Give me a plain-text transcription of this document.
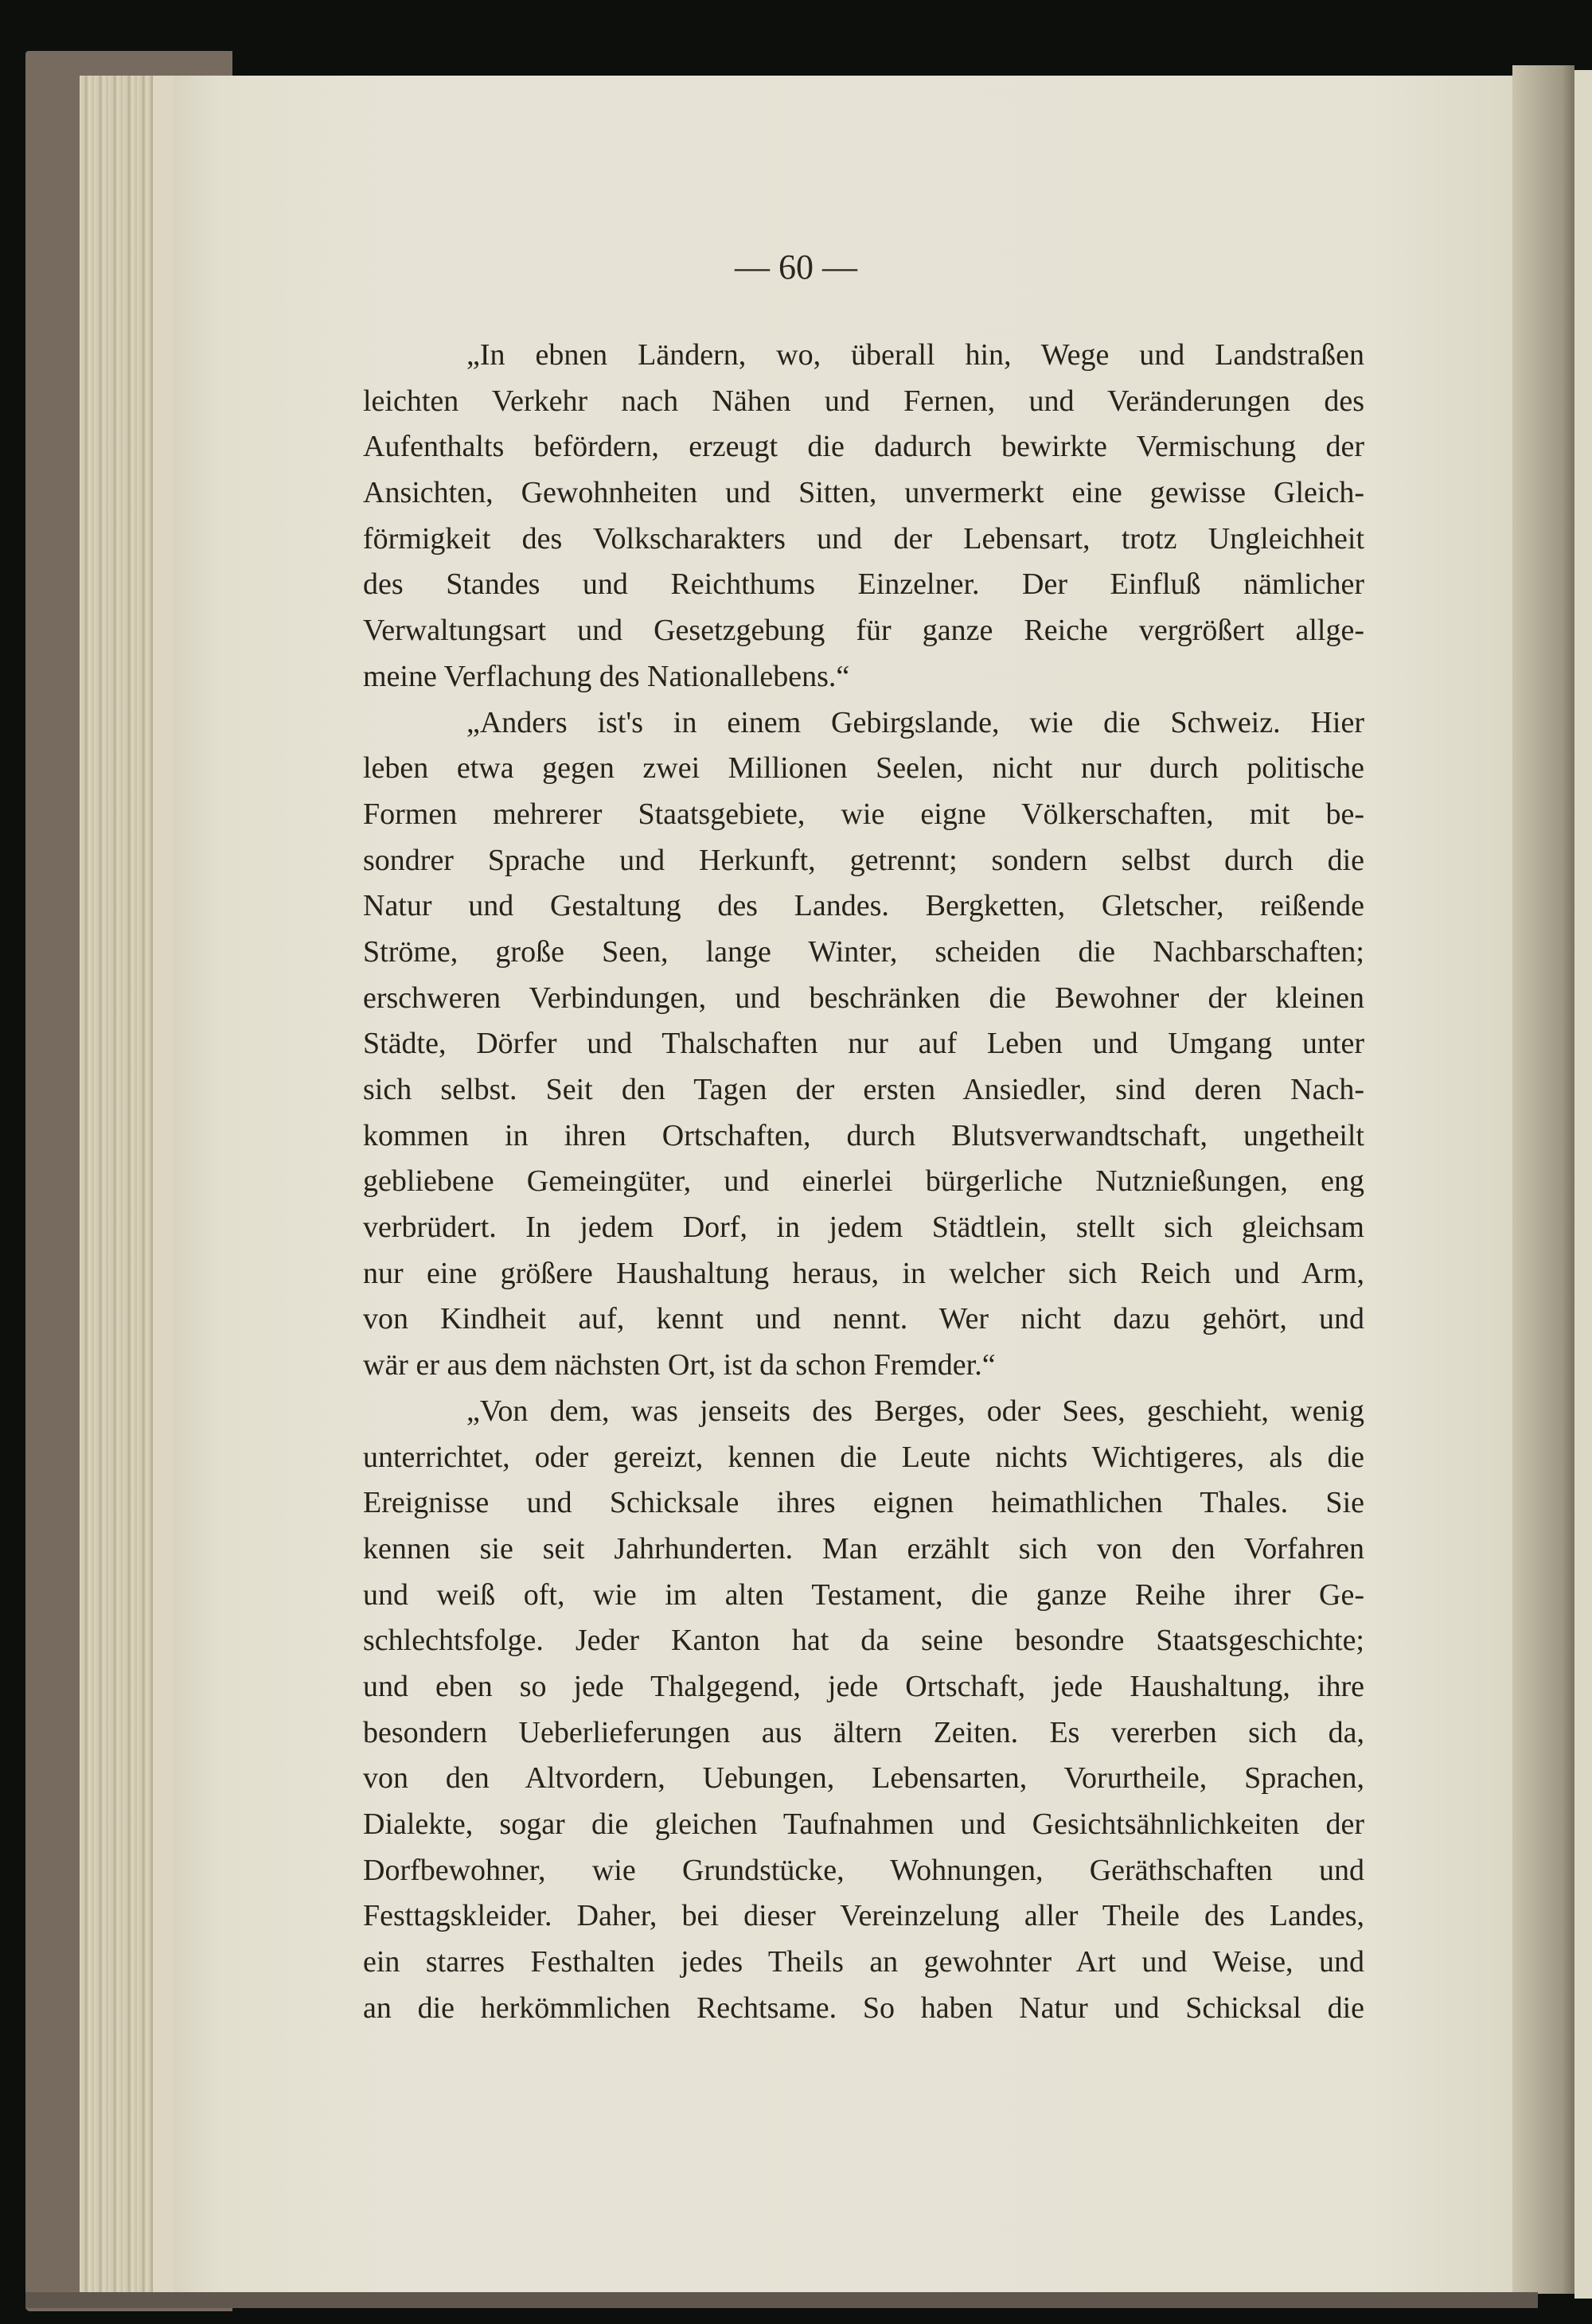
— 60 —
„In ebnen Ländern, wo, überall hin, Wege und Landstraßen
leichten Verkehr nach Nähen und Fernen, und Veränderungen des
Aufenthalts befördern, erzeugt die dadurch bewirkte Vermischung der
Ansichten, Gewohnheiten und Sitten, unvermerkt eine gewisse Gleich-
förmigkeit des Volkscharakters und der Lebensart, trotz Ungleichheit
des Standes und Reichthums Einzelner. Der Einfluß nämlicher
Verwaltungsart und Gesetzgebung für ganze Reiche vergrößert allge-
meine Verflachung des Nationallebens.“
„Anders ist's in einem Gebirgslande, wie die Schweiz. Hier
leben etwa gegen zwei Millionen Seelen, nicht nur durch politische
Formen mehrerer Staatsgebiete, wie eigne Völkerschaften, mit be-
sondrer Sprache und Herkunft, getrennt; sondern selbst durch die
Natur und Gestaltung des Landes. Bergketten, Gletscher, reißende
Ströme, große Seen, lange Winter, scheiden die Nachbarschaften;
erschweren Verbindungen, und beschränken die Bewohner der kleinen
Städte, Dörfer und Thalschaften nur auf Leben und Umgang unter
sich selbst. Seit den Tagen der ersten Ansiedler, sind deren Nach-
kommen in ihren Ortschaften, durch Blutsverwandtschaft, ungetheilt
gebliebene Gemeingüter, und einerlei bürgerliche Nutznießungen, eng
verbrüdert. In jedem Dorf, in jedem Städtlein, stellt sich gleichsam
nur eine größere Haushaltung heraus, in welcher sich Reich und Arm,
von Kindheit auf, kennt und nennt. Wer nicht dazu gehört, und
wär er aus dem nächsten Ort, ist da schon Fremder.“
„Von dem, was jenseits des Berges, oder Sees, geschieht, wenig
unterrichtet, oder gereizt, kennen die Leute nichts Wichtigeres, als die
Ereignisse und Schicksale ihres eignen heimathlichen Thales. Sie
kennen sie seit Jahrhunderten. Man erzählt sich von den Vorfahren
und weiß oft, wie im alten Testament, die ganze Reihe ihrer Ge-
schlechtsfolge. Jeder Kanton hat da seine besondre Staatsgeschichte;
und eben so jede Thalgegend, jede Ortschaft, jede Haushaltung, ihre
besondern Ueberlieferungen aus ältern Zeiten. Es vererben sich da,
von den Altvordern, Uebungen, Lebensarten, Vorurtheile, Sprachen,
Dialekte, sogar die gleichen Taufnahmen und Gesichtsähnlichkeiten der
Dorfbewohner, wie Grundstücke, Wohnungen, Geräthschaften und
Festtagskleider. Daher, bei dieser Vereinzelung aller Theile des Landes,
ein starres Festhalten jedes Theils an gewohnter Art und Weise, und
an die herkömmlichen Rechtsame. So haben Natur und Schicksal die
